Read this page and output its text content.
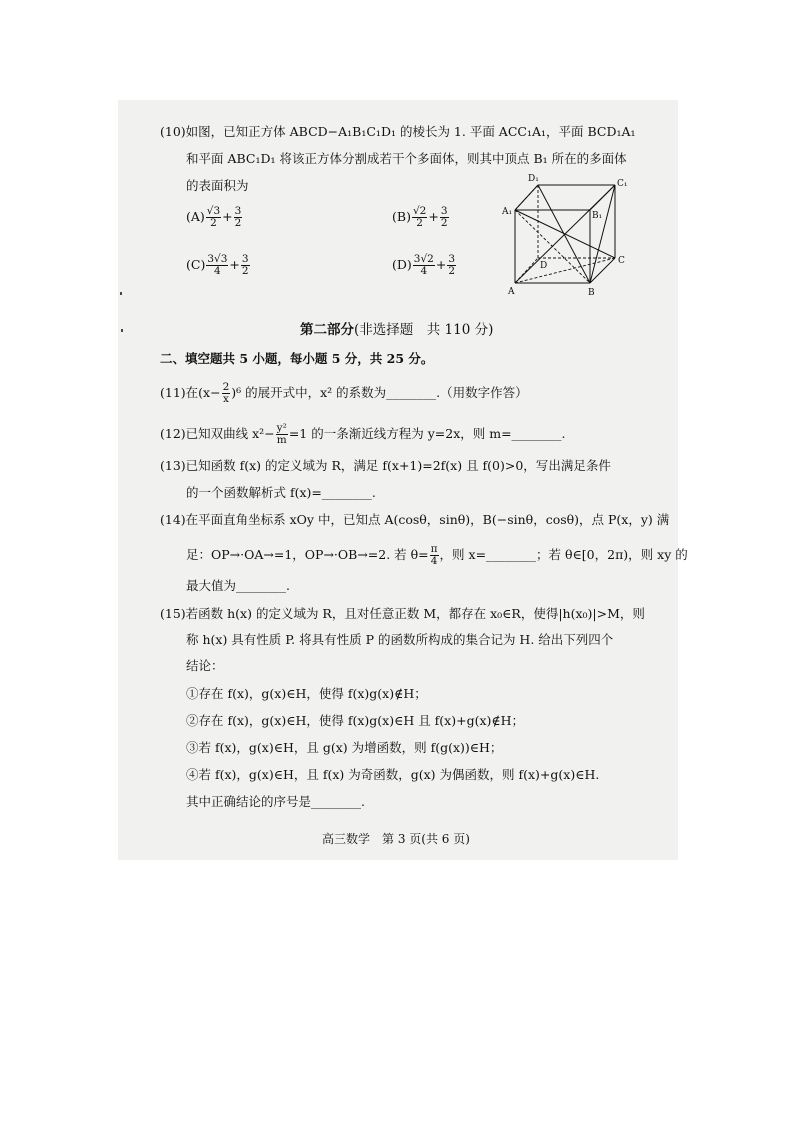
(10)如图，已知正方体 ABCD−A₁B₁C₁D₁ 的棱长为 1. 平面 ACC₁A₁，平面 BCD₁A₁
和平面 ABC₁D₁ 将该正方体分割成若干个多面体，则其中顶点 B₁ 所在的多面体
的表面积为
$(A) \frac{√3}{2} + \frac{3}{2}$	$(B) \frac{√2}{2} + \frac{3}{2}$
$(C) \frac{3√3}{4} + \frac{3}{2}$	$(D) \frac{3√2}{4} + \frac{3}{2}$
D₁	C₁
A₁	B₁
D	C
A	B
第二部分(非选择题　共 110 分)
二、填空题共 5 小题，每小题 5 分，共 25 分。
(11)在$(x- \frac{2}{x} )^6$ 的展开式中，x² 的系数为________.（用数字作答）
(12)已知双曲线 $x^2- \frac{\text{y²}}{m} =1$ 的一条渐近线方程为 y=2x，则 m=________.
(13)已知函数 f(x) 的定义域为 R，满足 f(x+1)=2f(x) 且 f(0)>0，写出满足条件
的一个函数解析式 f(x)=________.
(14)在平面直角坐标系 xOy 中，已知点 A(cosθ，sinθ)，B(−sinθ，cosθ)，点 P(x，y) 满
足：OP→·OA→=1，OP→·OB→=2. 若 $\theta= \frac{\pi}{4}$ ，则 x=________；若 θ∈[0，2π)，则 xy 的
最大值为________.
(15)若函数 h(x) 的定义域为 R，且对任意正数 M，都存在 x₀∈R，使得|h(x₀)|>M，则
称 h(x) 具有性质 P. 将具有性质 P 的函数所构成的集合记为 H. 给出下列四个
结论：
①存在 f(x)，g(x)∈H，使得 f(x)g(x)∉H；
②存在 f(x)，g(x)∈H，使得 f(x)g(x)∈H 且 f(x)+g(x)∉H；
③若 f(x)，g(x)∈H，且 g(x) 为增函数，则 f(g(x))∈H；
④若 f(x)，g(x)∈H，且 f(x) 为奇函数，g(x) 为偶函数，则 f(x)+g(x)∈H.
其中正确结论的序号是________.
高三数学　第 3 页(共 6 页)
